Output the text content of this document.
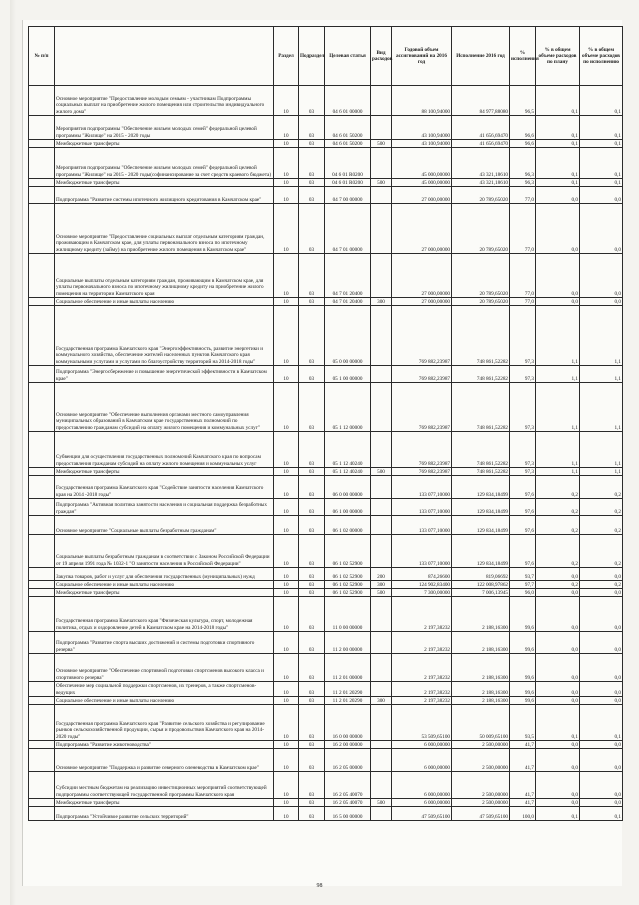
№ п/п		Раздел	Подраздел	Целевая статья	Вид расходов	Годовой объем ассигнований на 2016 год	Исполнение 2016 год	% исполнения	% в общем объеме расходов по плану	% в общем объеме расходов по исполнению
	Основное мероприятие "Предоставление молодым семьям - участникам Подпрограммы социальных выплат на приобретение жилого помещения или строительство индивидуального жилого дома"	10	03	04 6 01 00000		88 100,94000	84 977,88080	96,5	0,1	0,1
	Мероприятия подпрограммы "Обеспечение жильем молодых семей" федеральной целевой программы "Жилище" на 2015 - 2020 годы	10	03	04 6 01 50200		43 100,94000	41 656,69470	96,6	0,1	0,1
	Межбюджетные трансферты	10	03	04 6 01 50200	500	43 100,94000	41 656,69470	96,6	0,1	0,1
	Мероприятия подпрограммы "Обеспечение жильем молодых семей" федеральной целевой программы "Жилище" на 2015 - 2020 годы(софинансирование за счет средств краевого бюджета)	10	03	04 6 01 R0200		45 000,00000	43 321,18610	96,3	0,1	0,1
	Межбюджетные трансферты	10	03	04 6 01 R0200	500	45 000,00000	43 321,18610	96,3	0,1	0,1
	Подпрограмма "Развитие системы ипотечного жилищного кредитования в Камчатском крае"	10	03	04 7 00 00000		27 000,00000	20 789,65020	77,0	0,0	0,0
	Основное мероприятие "Предоставление социальных выплат отдельным категориям граждан, проживающим в Камчатском крае, для уплаты первоначального взноса по ипотечному жилищному кредиту (займу) на приобретение жилого помещения в Камчатском крае"	10	03	04 7 01 00000		27 000,00000	20 789,65020	77,0	0,0	0,0
	Социальные выплаты отдельным категориям граждан, проживающим в Камчатском крае, для уплаты первоначального взноса по ипотечному жилищному кредиту на приобретение жилого помещения на территории Камчатского края	10	03	04 7 01 20400		27 000,00000	20 789,65020	77,0	0,0	0,0
	Социальное обеспечение и иные выплаты населению	10	03	04 7 01 20400	300	27 000,00000	20 789,65020	77,0	0,0	0,0
	Государственная программа Камчатского края "Энергоэффективность, развитие энергетики и коммунального хозяйства, обеспечение жителей населенных пунктов Камчатского края коммунальными услугами и услугами по благоустройству территорий на 2014-2018 годы"	10	03	05 0 00 00000		769 882,23987	748 861,52282	97,3	1,1	1,1
	Подпрограмма "Энергосбережение и повышение энергетической эффективности в Камчатском крае"	10	03	05 1 00 00000		769 882,23987	748 861,52282	97,3	1,1	1,1
	Основное мероприятие "Обеспечение выполнения органами местного самоуправления муниципальных образований в Камчатском крае государственных полномочий по предоставлению гражданам субсидий на оплату жилого помещения и коммунальных услуг"	10	03	05 1 12 00000		769 882,23987	748 861,52282	97,3	1,1	1,1
	Субвенции для осуществления государственных полномочий Камчатского края по вопросам предоставления гражданам субсидий на оплату жилого помещения и коммунальных услуг	10	03	05 1 12 40240		769 882,23987	748 861,52282	97,3	1,1	1,1
	Межбюджетные трансферты	10	03	05 1 12 40240	500	769 882,23987	748 861,52282	97,3	1,1	1,1
	Государственная программа Камчатского края "Содействие занятости населения Камчатского края на 2014 -2018 годы"	10	03	06 0 00 00000		133 077,10000	129 834,18499	97,6	0,2	0,2
	Подпрограмма "Активная политика занятости населения и социальная поддержка безработных граждан"	10	03	06 1 00 00000		133 077,10000	129 834,18499	97,6	0,2	0,2
	Основное мероприятие "Социальные выплаты безработным гражданам"	10	03	06 1 02 00000		133 077,10000	129 834,18499	97,6	0,2	0,2
	Социальные выплаты безработным гражданам в соответствии с Законом Российской Федерации от 19 апреля 1991 года № 1032-1 "О занятости населения в Российской Федерации"	10	03	06 1 02 52900		133 077,10000	129 834,18499	97,6	0,2	0,2
	Закупка товаров, работ и услуг для обеспечения государственных (муниципальных) нужд	10	03	06 1 02 52900	200	874,26600	819,06692	93,7	0,0	0,0
	Социальное обеспечение и иные выплаты населению	10	03	06 1 02 52900	300	124 902,83400	122 008,97862	97,7	0,2	0,2
	Межбюджетные трансферты	10	03	06 1 02 52900	500	7 300,00000	7 006,13945	96,0	0,0	0,0
	Государственная программа Камчатского края "Физическая культура, спорт, молодежная политика, отдых и оздоровление детей в Камчатском крае на 2014-2018 годы"	10	03	11 0 00 00000		2 197,38232	2 188,16300	99,6	0,0	0,0
	Подпрограмма "Развитие спорта высших достижений и системы подготовки спортивного резерва"	10	03	11 2 00 00000		2 197,38232	2 188,16300	99,6	0,0	0,0
	Основное мероприятие "Обеспечение спортивной подготовки спортсменов высокого класса и спортивного резерва"	10	03	11 2 01 00000		2 197,38232	2 188,16300	99,6	0,0	0,0
	Обеспечение мер социальной поддержки спортсменов, их тренеров, а также спортсменов-ведущих	10	03	11 2 01 20290		2 197,38232	2 188,16300	99,6	0,0	0,0
	Социальное обеспечение и иные выплаты населению	10	03	11 2 01 20290	300	2 197,38232	2 188,16300	99,6	0,0	0,0
	Государственная программа Камчатского края "Развитие сельского хозяйства и регулирование рынков сельскохозяйственной продукции, сырья и продовольствия Камчатского края на 2014-2020 годы"	10	03	16 0 00 00000		53 509,65100	50 009,65100	93,5	0,1	0,1
	Подпрограмма "Развитие животноводства"	10	03	16 2 00 00000		6 000,00000	2 500,00000	41,7	0,0	0,0
	Основное мероприятие "Поддержка и развитие северного оленеводства в Камчатском крае"	10	03	16 2 05 00000		6 000,00000	2 500,00000	41,7	0,0	0,0
	Субсидии местным бюджетам на реализацию инвестиционных мероприятий соответствующей подпрограммы соответствующей государственной программы Камчатского края	10	03	16 2 05 40070		6 000,00000	2 500,00000	41,7	0,0	0,0
	Межбюджетные трансферты	10	03	16 2 05 40070	500	6 000,00000	2 500,00000	41,7	0,0	0,0
	Подпрограмма "Устойчивое развитие сельских территорий"	10	03	16 5 00 00000		47 509,65100	47 509,65100	100,0	0,1	0,1
98
